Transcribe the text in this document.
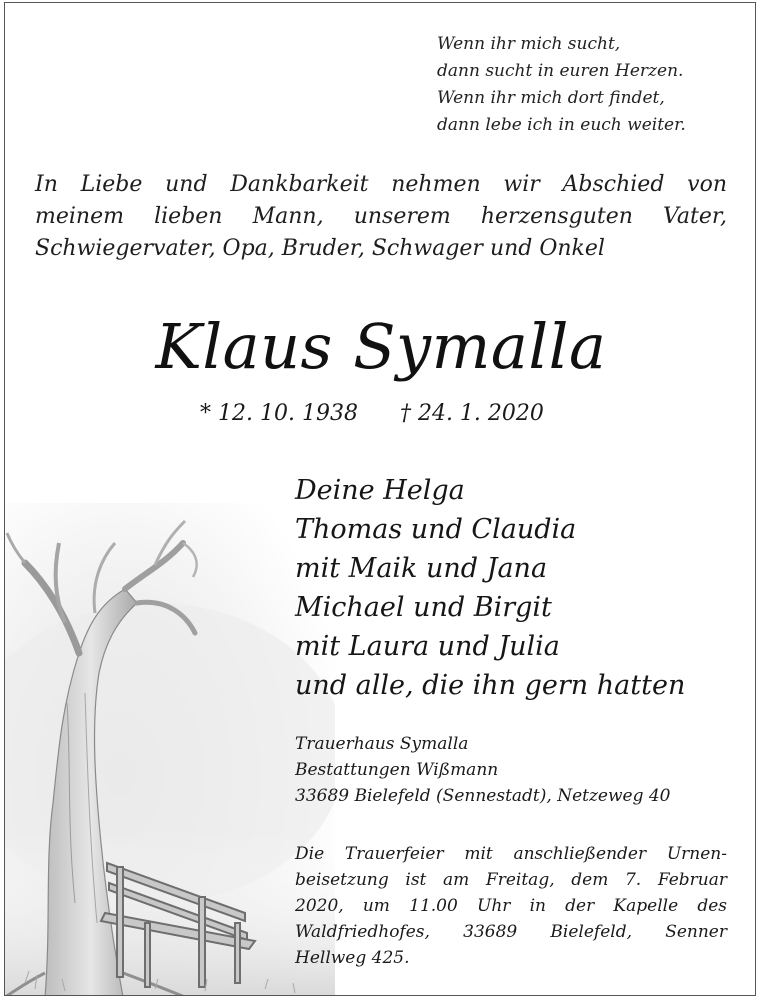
Wenn ihr mich sucht,
dann sucht in euren Herzen.
Wenn ihr mich dort findet,
dann lebe ich in euch weiter.
In Liebe und Dankbarkeit nehmen wir Abschied von
meinem lieben Mann, unserem herzensguten Vater,
Schwiegervater, Opa, Bruder, Schwager und Onkel
Klaus Symalla
* 12. 10. 1938 † 24. 1. 2020
Deine Helga
Thomas und Claudia
mit Maik und Jana
Michael und Birgit
mit Laura und Julia
und alle, die ihn gern hatten
Trauerhaus Symalla
Bestattungen Wißmann
33689 Bielefeld (Sennestadt), Netzeweg 40
Die Trauerfeier mit anschließender Urnen-
beisetzung ist am Freitag, dem 7. Februar
2020, um 11.00 Uhr in der Kapelle des
Waldfriedhofes, 33689 Bielefeld, Senner
Hellweg 425.
